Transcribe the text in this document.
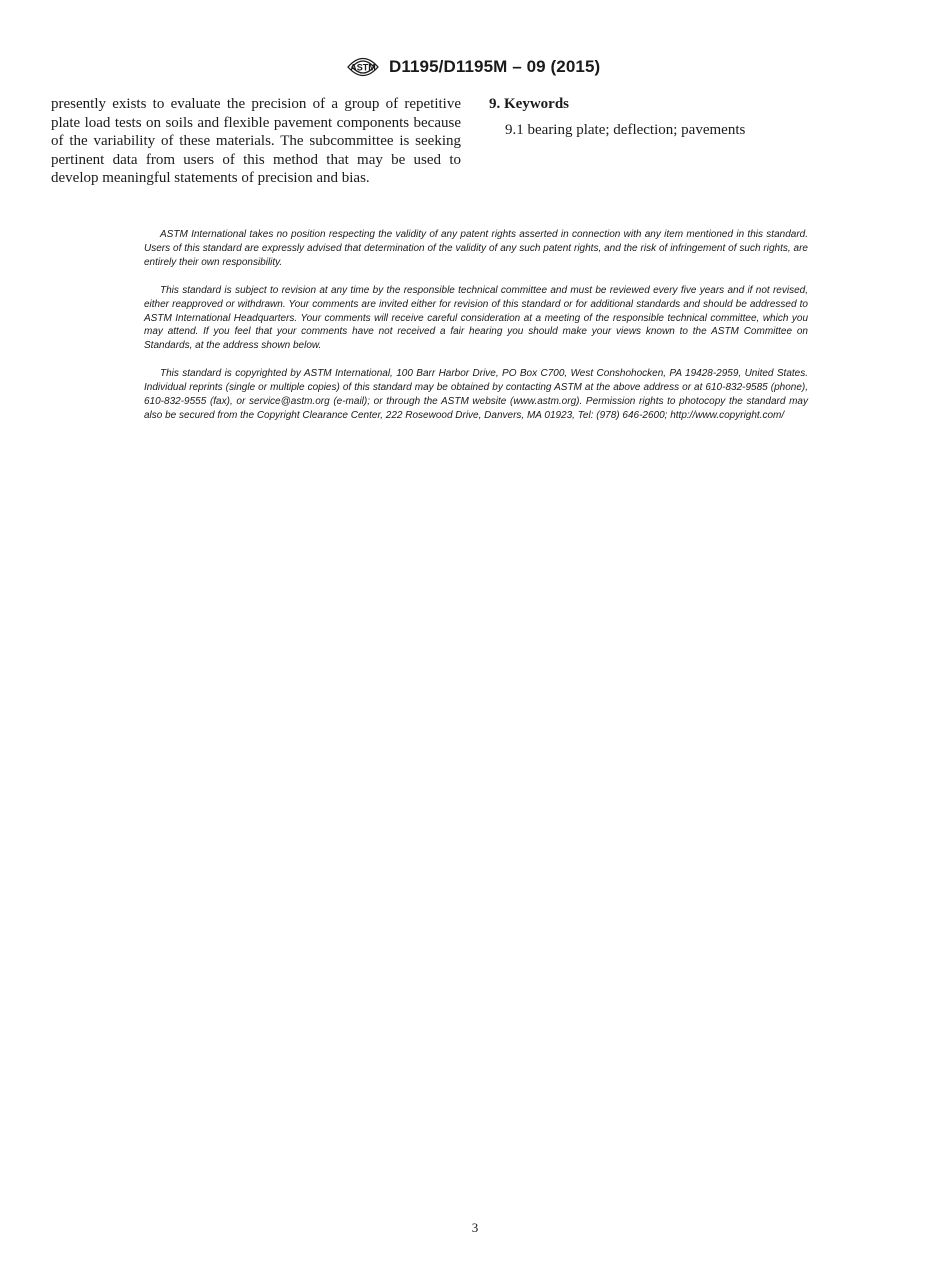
ASTM D1195/D1195M – 09 (2015)

presently exists to evaluate the precision of a group of repetitive plate load tests on soils and flexible pavement components because of the variability of these materials. The subcommittee is seeking pertinent data from users of this method that may be used to develop meaningful statements of precision and bias.

9. Keywords

9.1 bearing plate; deflection; pavements

ASTM International takes no position respecting the validity of any patent rights asserted in connection with any item mentioned in this standard. Users of this standard are expressly advised that determination of the validity of any such patent rights, and the risk of infringement of such rights, are entirely their own responsibility.

This standard is subject to revision at any time by the responsible technical committee and must be reviewed every five years and if not revised, either reapproved or withdrawn. Your comments are invited either for revision of this standard or for additional standards and should be addressed to ASTM International Headquarters. Your comments will receive careful consideration at a meeting of the responsible technical committee, which you may attend. If you feel that your comments have not received a fair hearing you should make your views known to the ASTM Committee on Standards, at the address shown below.

This standard is copyrighted by ASTM International, 100 Barr Harbor Drive, PO Box C700, West Conshohocken, PA 19428-2959, United States. Individual reprints (single or multiple copies) of this standard may be obtained by contacting ASTM at the above address or at 610-832-9585 (phone), 610-832-9555 (fax), or service@astm.org (e-mail); or through the ASTM website (www.astm.org). Permission rights to photocopy the standard may also be secured from the Copyright Clearance Center, 222 Rosewood Drive, Danvers, MA 01923, Tel: (978) 646-2600; http://www.copyright.com/

3
